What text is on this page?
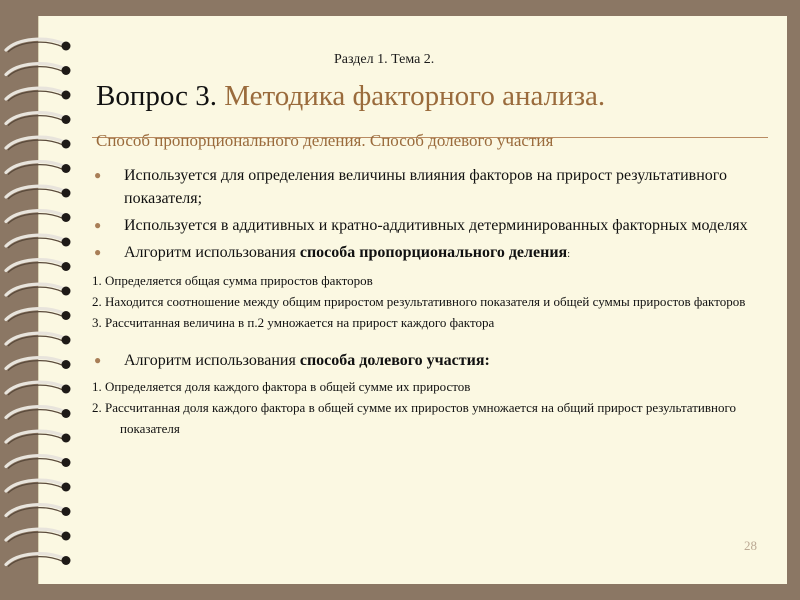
Раздел 1. Тема 2.
Вопрос 3. Методика факторного анализа.
Способ пропорционального деления. Способ долевого участия
● Используется для определения величины влияния факторов на прирост результативного показателя;
● Используется в аддитивных и кратно-аддитивных детерминированных факторных моделях
● Алгоритм использования способа пропорционального деления:
1. Определяется общая сумма приростов факторов
2. Находится соотношение между общим приростом результативного показателя и общей суммы приростов факторов
3. Рассчитанная величина в п.2 умножается на прирост каждого фактора
● Алгоритм использования способа долевого участия:
1. Определяется доля каждого фактора в общей сумме их приростов
2. Рассчитанная доля каждого фактора в общей сумме их приростов умножается на общий прирост результативного показателя
28
